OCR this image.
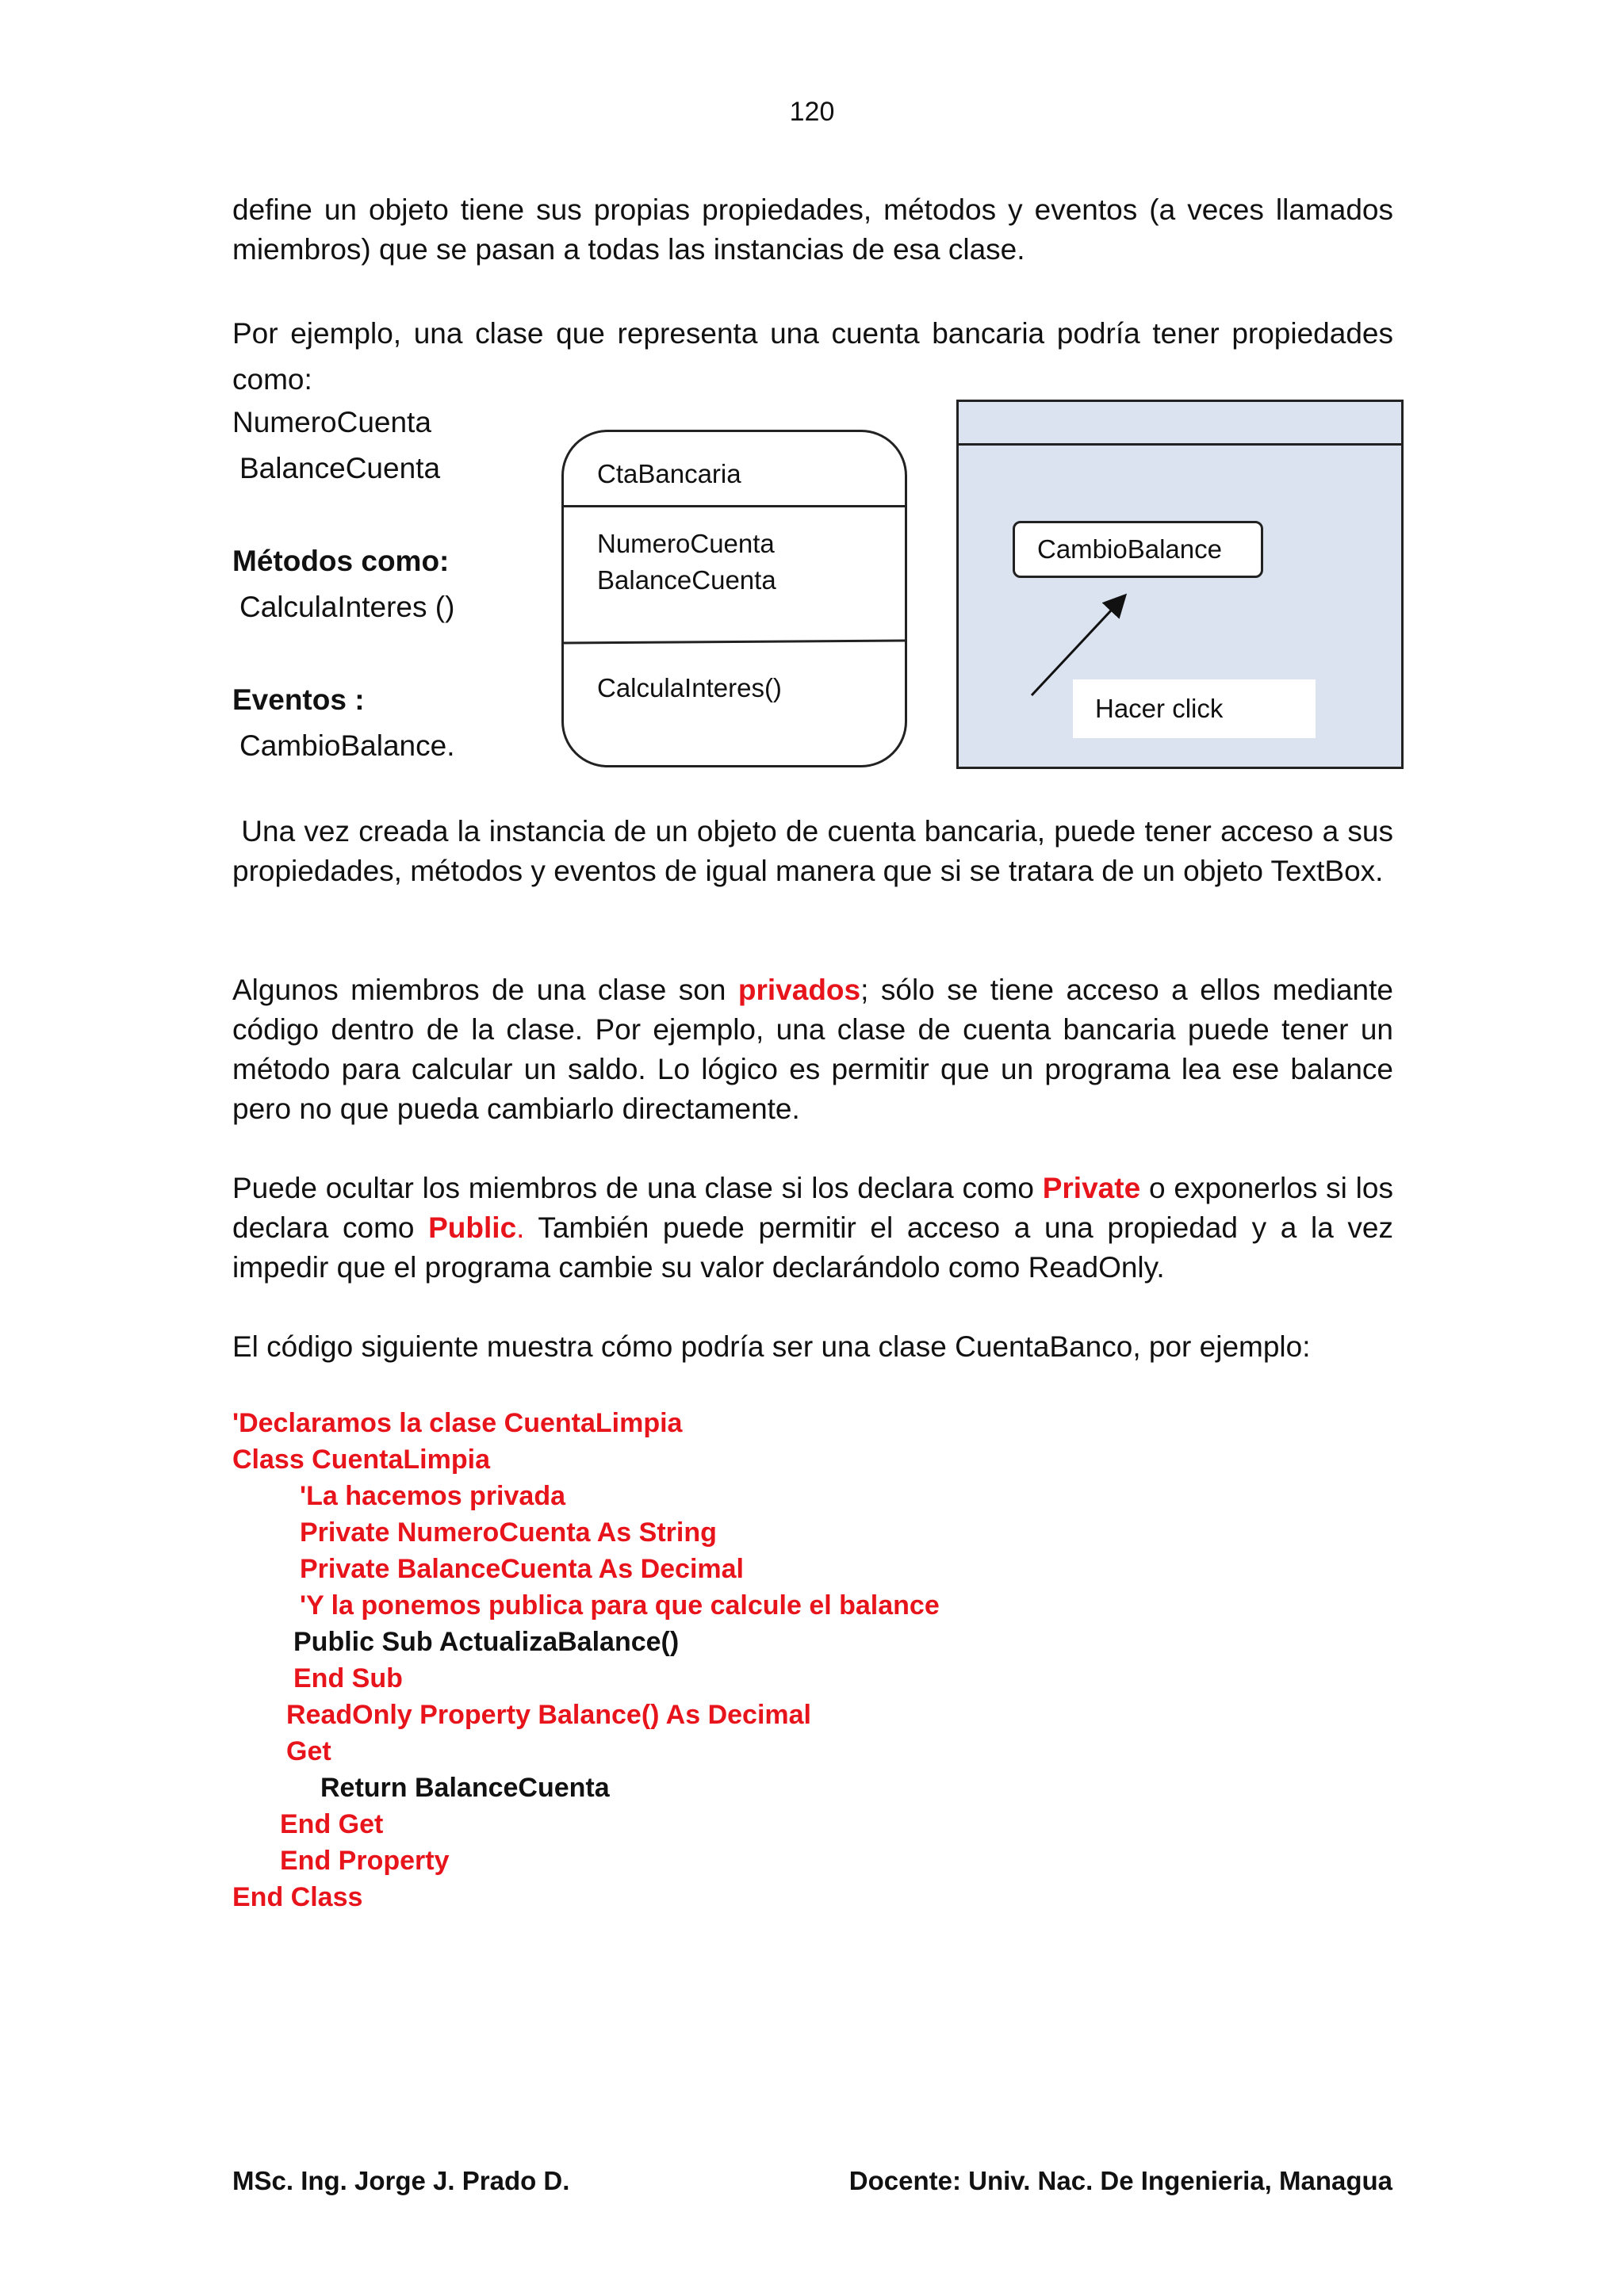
120

define un objeto tiene sus propias propiedades, métodos y eventos (a veces llamados miembros) que se pasan a todas las instancias de esa clase.

Por ejemplo, una clase que representa una cuenta bancaria podría tener propiedades como:

NumeroCuenta

BalanceCuenta

Métodos como:

CalculaInteres ()

Eventos :

CambioBalance.

CtaBancaria
NumeroCuenta
BalanceCuenta
CalculaInteres()
CambioBalance
Hacer click

Una vez creada la instancia de un objeto de cuenta bancaria, puede tener acceso a sus propiedades, métodos y eventos de igual manera que si se tratara de un objeto TextBox.

Algunos miembros de una clase son privados; sólo se tiene acceso a ellos mediante código dentro de la clase. Por ejemplo, una clase de cuenta bancaria puede tener un método para calcular un saldo. Lo lógico es permitir que un programa lea ese balance pero no que pueda cambiarlo directamente.

Puede ocultar los miembros de una clase si los declara como Private o exponerlos si los declara como Public. También puede permitir el acceso a una propiedad y a la vez impedir que el programa cambie su valor declarándolo como ReadOnly.

El código siguiente muestra cómo podría ser una clase CuentaBanco, por ejemplo:

'Declaramos la clase CuentaLimpia

Class CuentaLimpia

'La hacemos privada

Private NumeroCuenta As String

Private BalanceCuenta As Decimal

'Y la ponemos publica para que calcule el balance

Public Sub ActualizaBalance()

End Sub

ReadOnly Property Balance() As Decimal

Get

Return BalanceCuenta

End Get

End Property

End Class

MSc. Ing. Jorge J. Prado D.	Docente: Univ. Nac. De Ingenieria, Managua
